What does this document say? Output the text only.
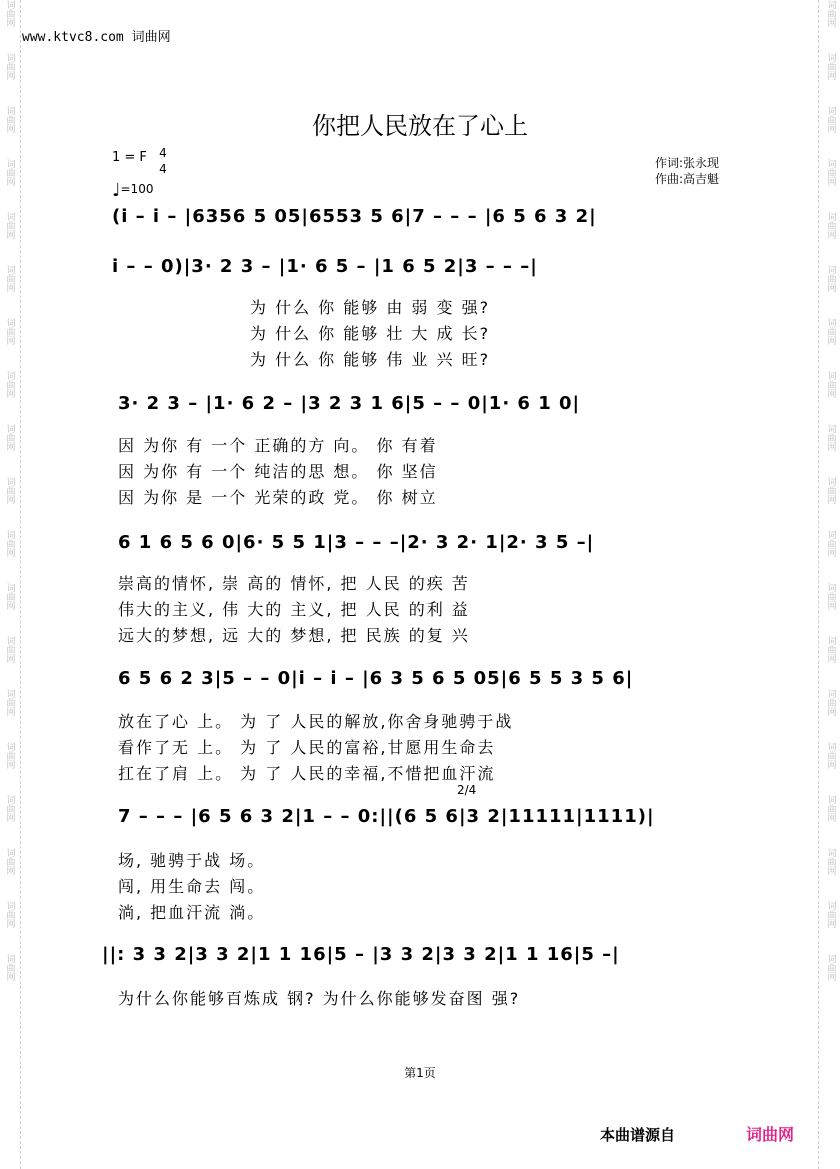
词曲网
词曲网
词曲网
词曲网
词曲网
词曲网
词曲网
词曲网
词曲网
词曲网
词曲网
词曲网
词曲网
词曲网
词曲网
词曲网
词曲网
词曲网
词曲网
词曲网
词曲网
词曲网
词曲网
词曲网
词曲网
词曲网
词曲网
词曲网
词曲网
词曲网
词曲网
词曲网
词曲网
词曲网
词曲网
词曲网
词曲网
词曲网
www.ktvc8.com 词曲网
你把人民放在了心上
1 = F 4
4
♩=100
作词:张永现
作曲:高吉魁
(i̇ – i̇ – |6356 5 05|6553 5 6|7 – – – |6 5 6 3 2|
i̇ – – 0)|3· 2 3 – |1· 6 5 – |1 6 5 2|3 – – –|
为 什么 你 能够 由 弱 变 强?
为 什么 你 能够 壮 大 成 长?
为 什么 你 能够 伟 业 兴 旺?
3· 2 3 – |1· 6 2 – |3 2 3 1 6|5 – – 0|1· 6 1 0|
因 为你 有 一个 正确的方 向。 你 有着
因 为你 有 一个 纯洁的思 想。 你 坚信
因 为你 是 一个 光荣的政 党。 你 树立
6 1 6 5 6 0|6· 5 5 1|3 – – –|2· 3 2· 1|2· 3 5 –|
崇高的情怀, 崇 高的 情怀, 把 人民 的疾 苦
伟大的主义, 伟 大的 主义, 把 人民 的利 益
远大的梦想, 远 大的 梦想, 把 民族 的复 兴
6 5 6 2 3|5 – – 0|i̇ – i̇ – |6 3 5 6 5 05|6 5 5 3 5 6|
放在了心 上。 为 了 人民的解放,你舍身驰骋于战
看作了无 上。 为 了 人民的富裕,甘愿用生命去
扛在了肩 上。 为 了 人民的幸福,不惜把血汗流
2/4
7 – – – |6 5 6 3 2|1 – – 0:||(6 5 6|3 2|11111|1111)|
场, 驰骋于战 场。
闯, 用生命去 闯。
淌, 把血汗流 淌。
||: 3 3 2|3 3 2|1 1 16|5 – |3 3 2|3 3 2|1 1 16|5 –|
为什么你能够百炼成 钢? 为什么你能够发奋图 强?
第1页
本曲谱源自	词曲网
